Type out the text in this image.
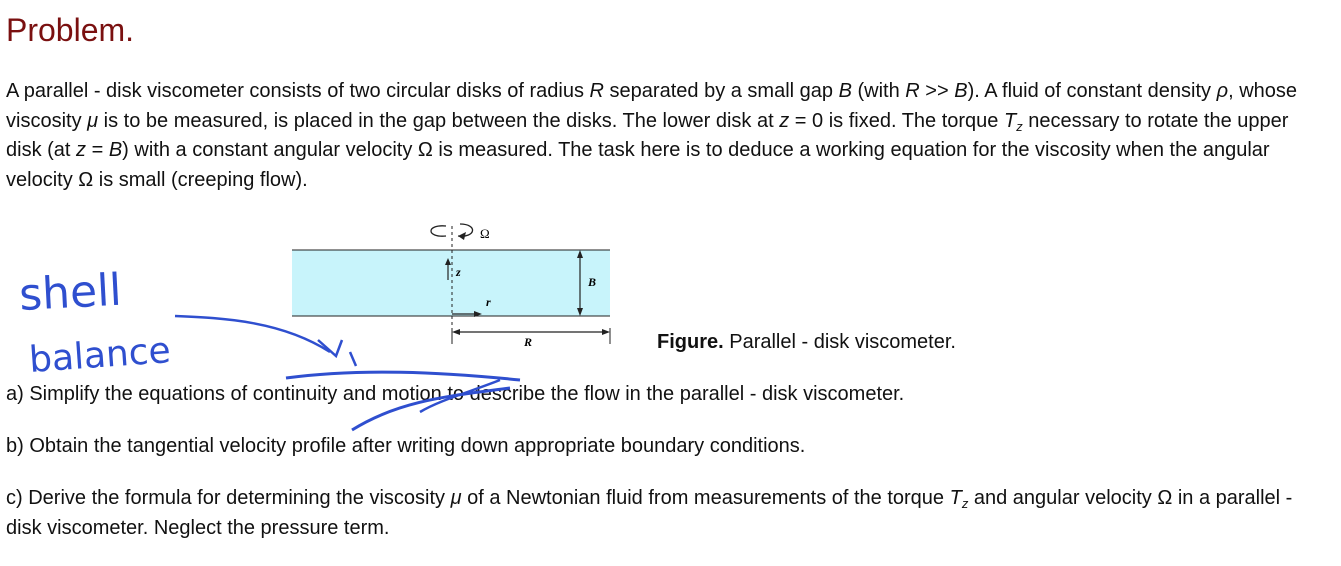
Problem.

A parallel - disk viscometer consists of two circular disks of radius R separated by a small gap B (with R >> B). A fluid of constant density ρ, whose viscosity μ is to be measured, is placed in the gap between the disks. The lower disk at z = 0 is fixed. The torque $T_z$ necessary to rotate the upper disk (at z = B) with a constant angular velocity Ω is measured. The task here is to deduce a working equation for the viscosity when the angular velocity Ω is small (creeping flow).

Ω
z
r
B
R	Figure. Parallel - disk viscometer.
a) Simplify the equations of continuity and motion to describe the flow in the parallel - disk viscometer.
b) Obtain the tangential velocity profile after writing down appropriate boundary conditions.
c) Derive the formula for determining the viscosity μ of a Newtonian fluid from measurements of the torque $T_z$ and angular velocity Ω in a parallel - disk viscometer. Neglect the pressure term.
shell
balance
